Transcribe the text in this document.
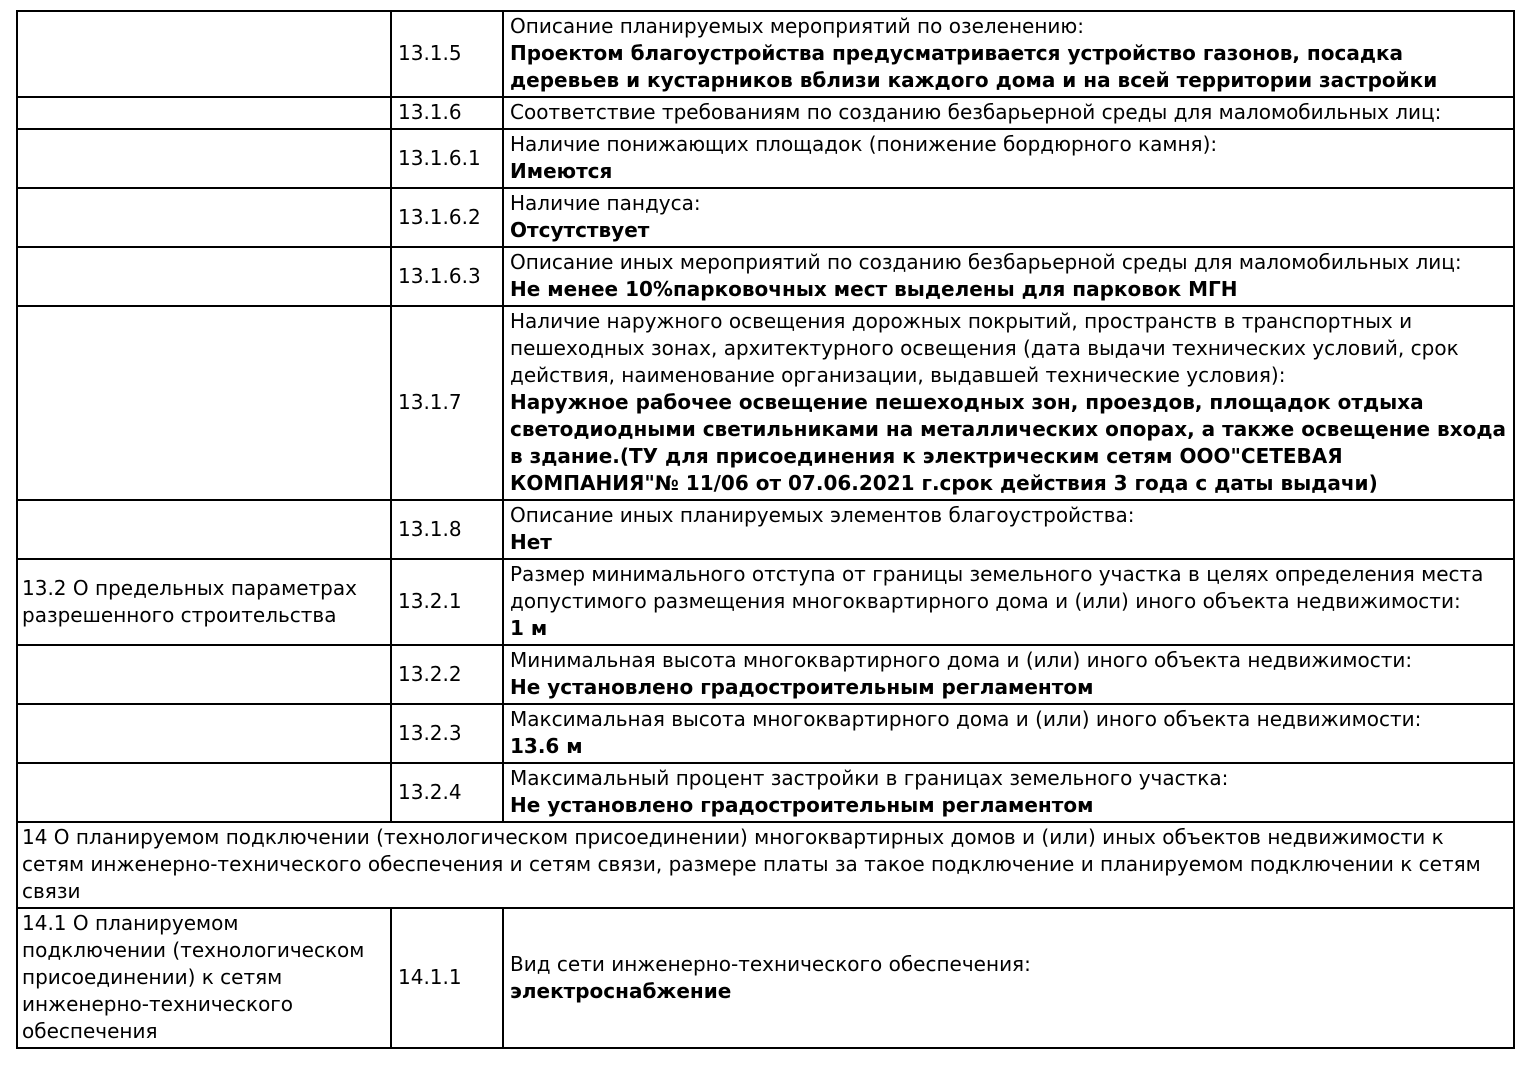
	13.1.5	Описание планируемых мероприятий по озеленению:
Проектом благоустройства предусматривается устройство газонов, посадка деревьев и кустарников вблизи каждого дома и на всей территории застройки

	13.1.6	Соответствие требованиям по созданию безбарьерной среды для маломобильных лиц:

	13.1.6.1	Наличие понижающих площадок (понижение бордюрного камня):
Имеются

	13.1.6.2	Наличие пандуса:
Отсутствует

	13.1.6.3	Описание иных мероприятий по созданию безбарьерной среды для маломобильных лиц:
Не менее 10%парковочных мест выделены для парковок МГН

	13.1.7	Наличие наружного освещения дорожных покрытий, пространств в транспортных и пешеходных зонах, архитектурного освещения (дата выдачи технических условий, срок действия, наименование организации, выдавшей технические условия):
Наружное рабочее освещение пешеходных зон, проездов, площадок отдыха светодиодными светильниками на металлических опорах, а также освещение входа в здание.(ТУ для присоединения к электрическим сетям ООО"СЕТЕВАЯ КОМПАНИЯ"№ 11/06 от 07.06.2021 г.срок действия 3 года с даты выдачи)

	13.1.8	Описание иных планируемых элементов благоустройства:
Нет

13.2 О предельных параметрах разрешенного строительства	13.2.1	Размер минимального отступа от границы земельного участка в целях определения места допустимого размещения многоквартирного дома и (или) иного объекта недвижимости:
1 м

	13.2.2	Минимальная высота многоквартирного дома и (или) иного объекта недвижимости:
Не установлено градостроительным регламентом

	13.2.3	Максимальная высота многоквартирного дома и (или) иного объекта недвижимости:
13.6 м

	13.2.4	Максимальный процент застройки в границах земельного участка:
Не установлено градостроительным регламентом

14 О планируемом подключении (технологическом присоединении) многоквартирных домов и (или) иных объектов недвижимости к сетям инженерно-технического обеспечения и сетям связи, размере платы за такое подключение и планируемом подключении к сетям связи		
14.1 О планируемом подключении (технологическом присоединении) к сетям инженерно-технического обеспечения	14.1.1	Вид сети инженерно-технического обеспечения:
электроснабжение
